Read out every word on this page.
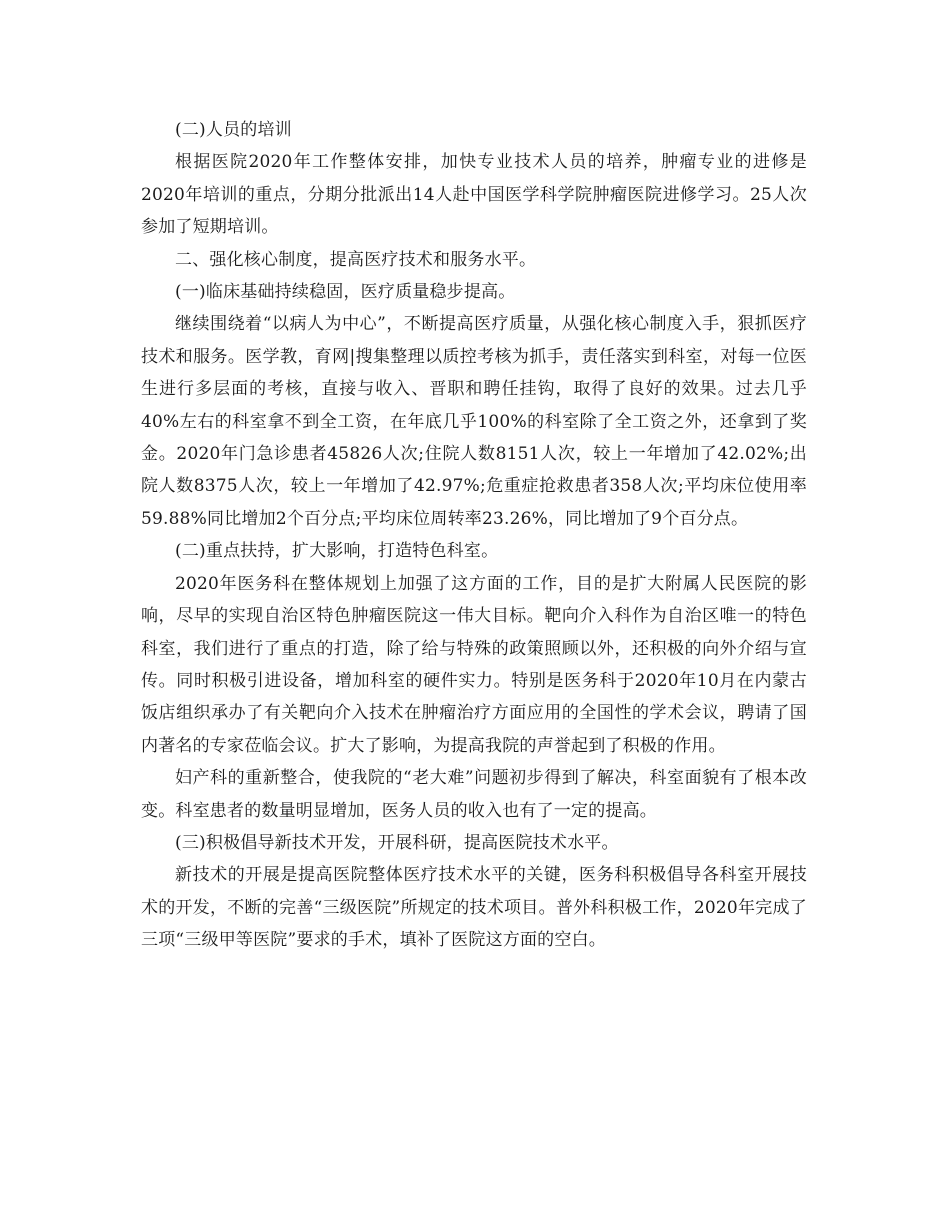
(二)人员的培训

根据医院2020年工作整体安排，加快专业技术人员的培养，肿瘤专业的进修是2020年培训的重点，分期分批派出14人赴中国医学科学院肿瘤医院进修学习。25人次参加了短期培训。

二、强化核心制度，提高医疗技术和服务水平。

(一)临床基础持续稳固，医疗质量稳步提高。

继续围绕着“以病人为中心”，不断提高医疗质量，从强化核心制度入手，狠抓医疗技术和服务。医学教，育网|搜集整理以质控考核为抓手，责任落实到科室，对每一位医生进行多层面的考核，直接与收入、晋职和聘任挂钩，取得了良好的效果。过去几乎40%左右的科室拿不到全工资，在年底几乎100%的科室除了全工资之外，还拿到了奖金。2020年门急诊患者45826人次;住院人数8151人次，较上一年增加了42.02%;出院人数8375人次，较上一年增加了42.97%;危重症抢救患者358人次;平均床位使用率59.88%同比增加2个百分点;平均床位周转率23.26%，同比增加了9个百分点。

(二)重点扶持，扩大影响，打造特色科室。

2020年医务科在整体规划上加强了这方面的工作，目的是扩大附属人民医院的影响，尽早的实现自治区特色肿瘤医院这一伟大目标。靶向介入科作为自治区唯一的特色科室，我们进行了重点的打造，除了给与特殊的政策照顾以外，还积极的向外介绍与宣传。同时积极引进设备，增加科室的硬件实力。特别是医务科于2020年10月在内蒙古饭店组织承办了有关靶向介入技术在肿瘤治疗方面应用的全国性的学术会议，聘请了国内著名的专家莅临会议。扩大了影响，为提高我院的声誉起到了积极的作用。

妇产科的重新整合，使我院的“老大难”问题初步得到了解决，科室面貌有了根本改变。科室患者的数量明显增加，医务人员的收入也有了一定的提高。

(三)积极倡导新技术开发，开展科研，提高医院技术水平。

新技术的开展是提高医院整体医疗技术水平的关键，医务科积极倡导各科室开展技术的开发，不断的完善“三级医院”所规定的技术项目。普外科积极工作，2020年完成了三项“三级甲等医院”要求的手术，填补了医院这方面的空白。
